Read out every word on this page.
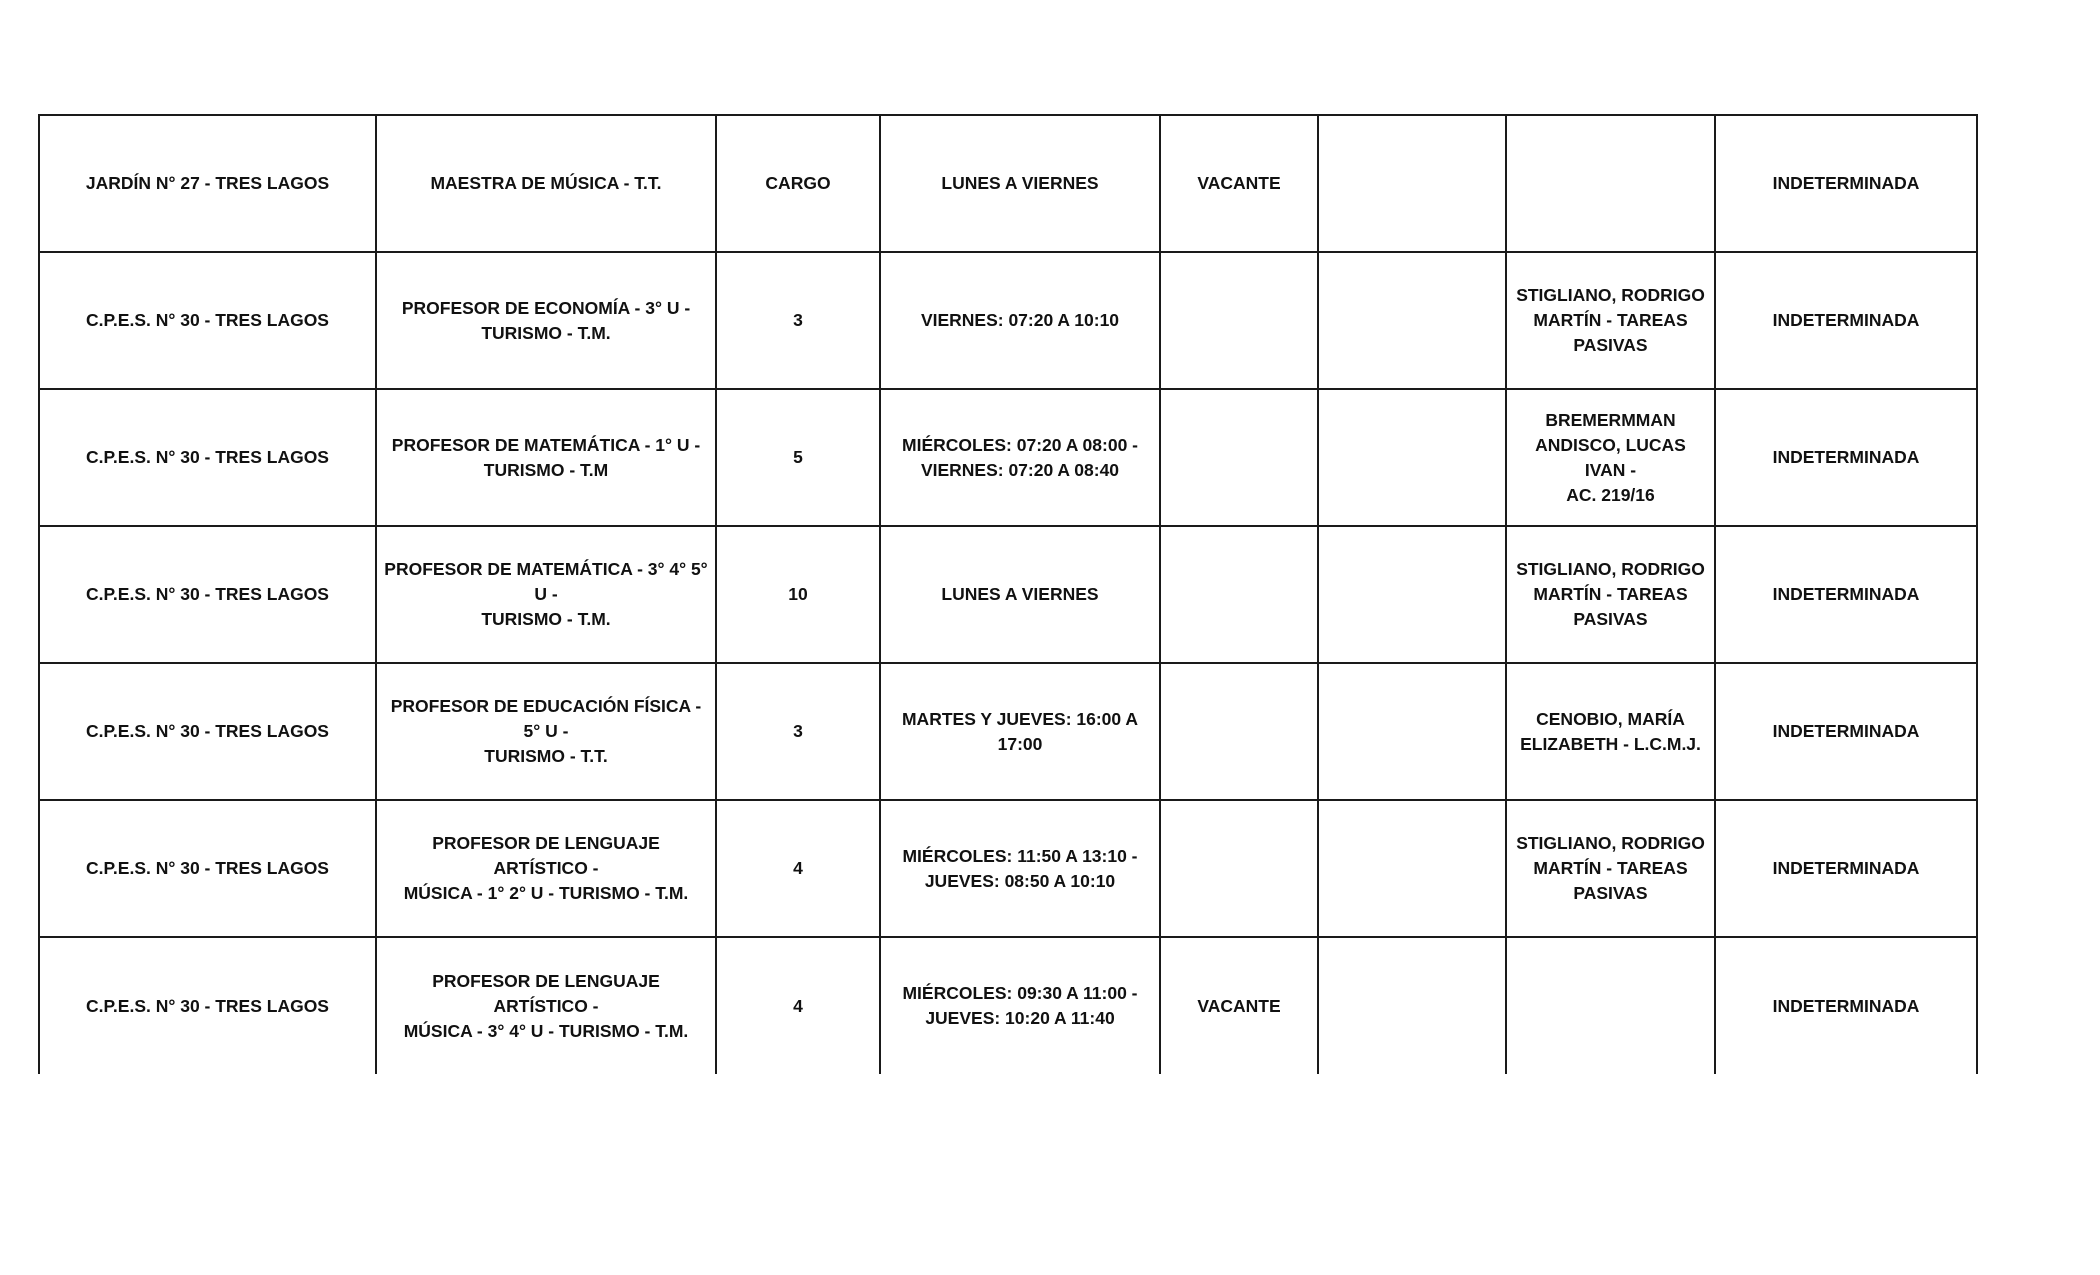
JARDÍN N° 27 - TRES LAGOS	MAESTRA DE MÚSICA - T.T.	CARGO	LUNES A VIERNES	VACANTE			INDETERMINADA

C.P.E.S. N° 30 - TRES LAGOS	PROFESOR DE ECONOMÍA - 3° U -
TURISMO - T.M.	3	VIERNES: 07:20 A 10:10			STIGLIANO, RODRIGO
MARTÍN - TAREAS
PASIVAS	INDETERMINADA

C.P.E.S. N° 30 - TRES LAGOS	PROFESOR DE MATEMÁTICA - 1° U -
TURISMO - T.M	5	MIÉRCOLES: 07:20 A 08:00 -
VIERNES: 07:20 A 08:40			BREMERMMAN
ANDISCO, LUCAS IVAN -
AC. 219/16	INDETERMINADA

C.P.E.S. N° 30 - TRES LAGOS	PROFESOR DE MATEMÁTICA - 3° 4° 5° U -
TURISMO - T.M.	10	LUNES A VIERNES			STIGLIANO, RODRIGO
MARTÍN - TAREAS
PASIVAS	INDETERMINADA

C.P.E.S. N° 30 - TRES LAGOS	PROFESOR DE EDUCACIÓN FÍSICA - 5° U -
TURISMO - T.T.	3	MARTES Y JUEVES: 16:00 A 17:00			CENOBIO, MARÍA
ELIZABETH - L.C.M.J.	INDETERMINADA

C.P.E.S. N° 30 - TRES LAGOS	PROFESOR DE LENGUAJE ARTÍSTICO -
MÚSICA - 1° 2° U - TURISMO - T.M.	4	MIÉRCOLES: 11:50 A 13:10 -
JUEVES: 08:50 A 10:10			STIGLIANO, RODRIGO
MARTÍN - TAREAS
PASIVAS	INDETERMINADA

C.P.E.S. N° 30 - TRES LAGOS	PROFESOR DE LENGUAJE ARTÍSTICO -
MÚSICA - 3° 4° U - TURISMO - T.M.	4	MIÉRCOLES: 09:30 A 11:00 -
JUEVES: 10:20 A 11:40	VACANTE			INDETERMINADA
